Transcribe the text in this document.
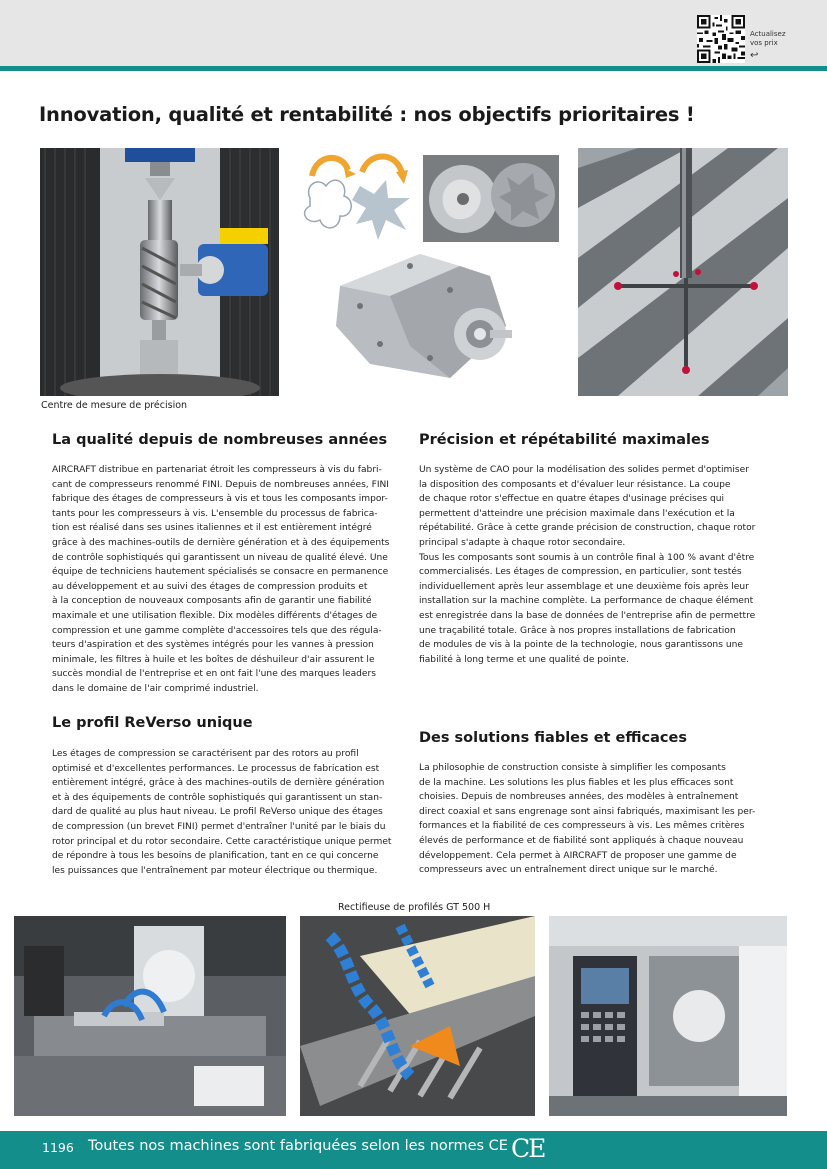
Actualisez
vos prix
↩
Innovation, qualité et rentabilité : nos objectifs prioritaires !
Centre de mesure de précision
La qualité depuis de nombreuses années

AIRCRAFT distribue en partenariat étroit les compresseurs à vis du fabri-

cant de compresseurs renommé FINI. Depuis de nombreuses années, FINI

fabrique des étages de compresseurs à vis et tous les composants impor-

tants pour les compresseurs à vis. L'ensemble du processus de fabrica-

tion est réalisé dans ses usines italiennes et il est entièrement intégré

grâce à des machines-outils de dernière génération et à des équipements

de contrôle sophistiqués qui garantissent un niveau de qualité élevé. Une

équipe de techniciens hautement spécialisés se consacre en permanence

au développement et au suivi des étages de compression produits et

à la conception de nouveaux composants afin de garantir une fiabilité

maximale et une utilisation flexible. Dix modèles différents d'étages de

compression et une gamme complète d'accessoires tels que des régula-

teurs d'aspiration et des systèmes intégrés pour les vannes à pression

minimale, les filtres à huile et les boîtes de déshuileur d'air assurent le

succès mondial de l'entreprise et en ont fait l'une des marques leaders

dans le domaine de l'air comprimé industriel.

Le profil ReVerso unique

Les étages de compression se caractérisent par des rotors au profil

optimisé et d'excellentes performances. Le processus de fabrication est

entièrement intégré, grâce à des machines-outils de dernière génération

et à des équipements de contrôle sophistiqués qui garantissent un stan-

dard de qualité au plus haut niveau. Le profil ReVerso unique des étages

de compression (un brevet FINI) permet d'entraîner l'unité par le biais du

rotor principal et du rotor secondaire. Cette caractéristique unique permet

de répondre à tous les besoins de planification, tant en ce qui concerne

les puissances que l'entraînement par moteur électrique ou thermique.

Précision et répétabilité maximales

Un système de CAO pour la modélisation des solides permet d'optimiser

la disposition des composants et d'évaluer leur résistance. La coupe

de chaque rotor s'effectue en quatre étapes d'usinage précises qui

permettent d'atteindre une précision maximale dans l'exécution et la

répétabilité. Grâce à cette grande précision de construction, chaque rotor

principal s'adapte à chaque rotor secondaire.

Tous les composants sont soumis à un contrôle final à 100 % avant d'être

commercialisés. Les étages de compression, en particulier, sont testés

individuellement après leur assemblage et une deuxième fois après leur

installation sur la machine complète. La performance de chaque élément

est enregistrée dans la base de données de l'entreprise afin de permettre

une traçabilité totale. Grâce à nos propres installations de fabrication

de modules de vis à la pointe de la technologie, nous garantissons une

fiabilité à long terme et une qualité de pointe.

Des solutions fiables et efficaces

La philosophie de construction consiste à simplifier les composants

de la machine. Les solutions les plus fiables et les plus efficaces sont

choisies. Depuis de nombreuses années, des modèles à entraînement

direct coaxial et sans engrenage sont ainsi fabriqués, maximisant les per-

formances et la fiabilité de ces compresseurs à vis. Les mêmes critères

élevés de performance et de fiabilité sont appliqués à chaque nouveau

développement. Cela permet à AIRCRAFT de proposer une gamme de

compresseurs avec un entraînement direct unique sur le marché.

Rectifieuse de profilés GT 500 H
1196 Toutes nos machines sont fabriquées selon les normes CE CE
